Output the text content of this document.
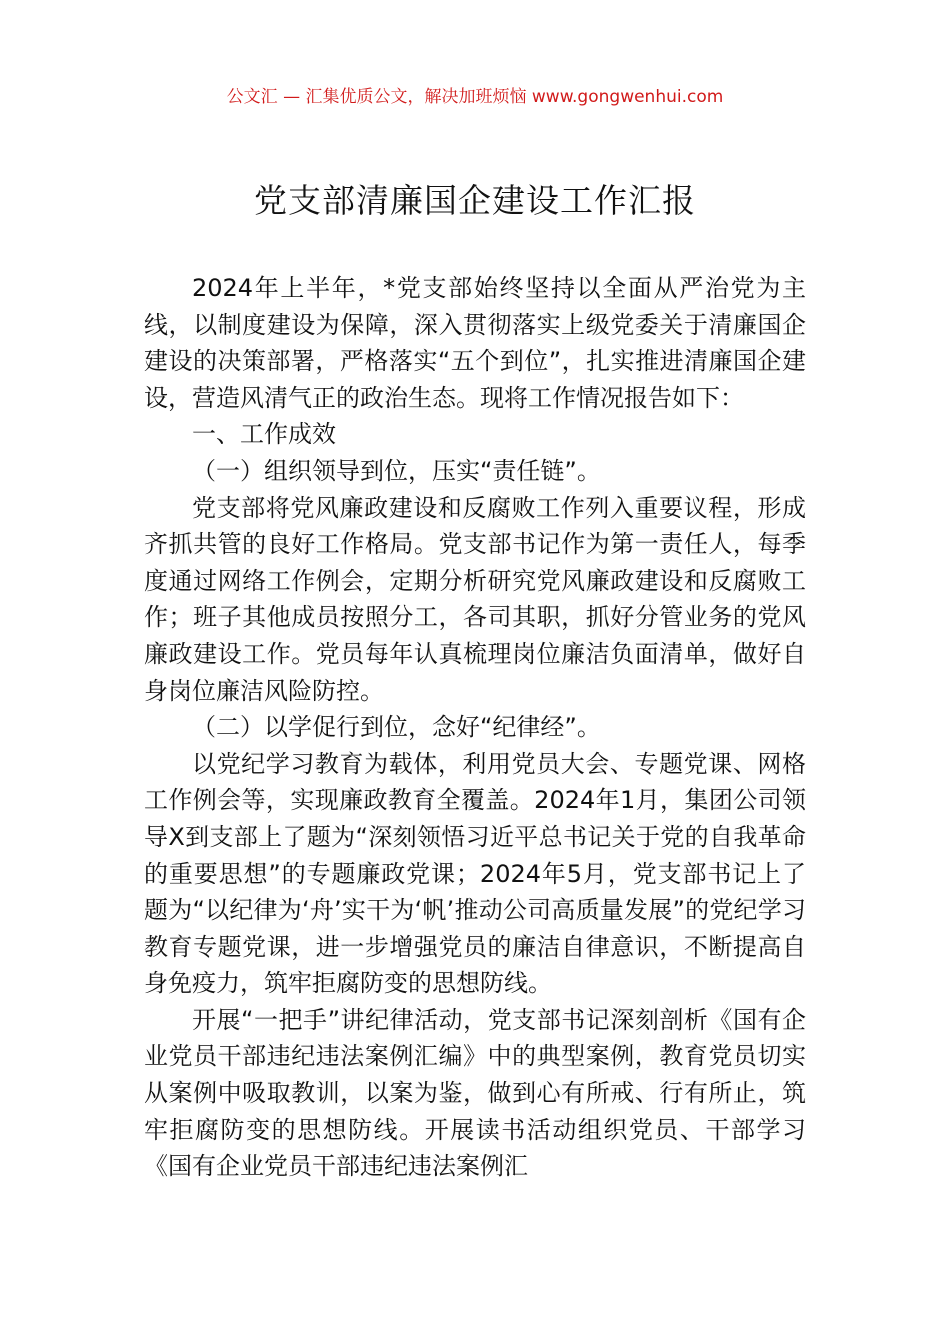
公文汇 — 汇集优质公文，解决加班烦恼 www.gongwenhui.com
党支部清廉国企建设工作汇报

2024年上半年，*党支部始终坚持以全面从严治党为主线，以制度建设为保障，深入贯彻落实上级党委关于清廉国企建设的决策部署，严格落实“五个到位”，扎实推进清廉国企建设，营造风清气正的政治生态。现将工作情况报告如下：

一、工作成效

（一）组织领导到位，压实“责任链”。

党支部将党风廉政建设和反腐败工作列入重要议程，形成齐抓共管的良好工作格局。党支部书记作为第一责任人，每季度通过网络工作例会，定期分析研究党风廉政建设和反腐败工作；班子其他成员按照分工，各司其职，抓好分管业务的党风廉政建设工作。党员每年认真梳理岗位廉洁负面清单，做好自身岗位廉洁风险防控。

（二）以学促行到位，念好“纪律经”。

以党纪学习教育为载体，利用党员大会、专题党课、网格工作例会等，实现廉政教育全覆盖。2024年1月，集团公司领导X到支部上了题为“深刻领悟习近平总书记关于党的自我革命的重要思想”的专题廉政党课；2024年5月，党支部书记上了题为“以纪律为‘舟’实干为‘帆’推动公司高质量发展”的党纪学习教育专题党课，进一步增强党员的廉洁自律意识，不断提高自身免疫力，筑牢拒腐防变的思想防线。

开展“一把手”讲纪律活动，党支部书记深刻剖析《国有企业党员干部违纪违法案例汇编》中的典型案例，教育党员切实从案例中吸取教训，以案为鉴，做到心有所戒、行有所止，筑牢拒腐防变的思想防线。开展读书活动组织党员、干部学习《国有企业党员干部违纪违法案例汇
